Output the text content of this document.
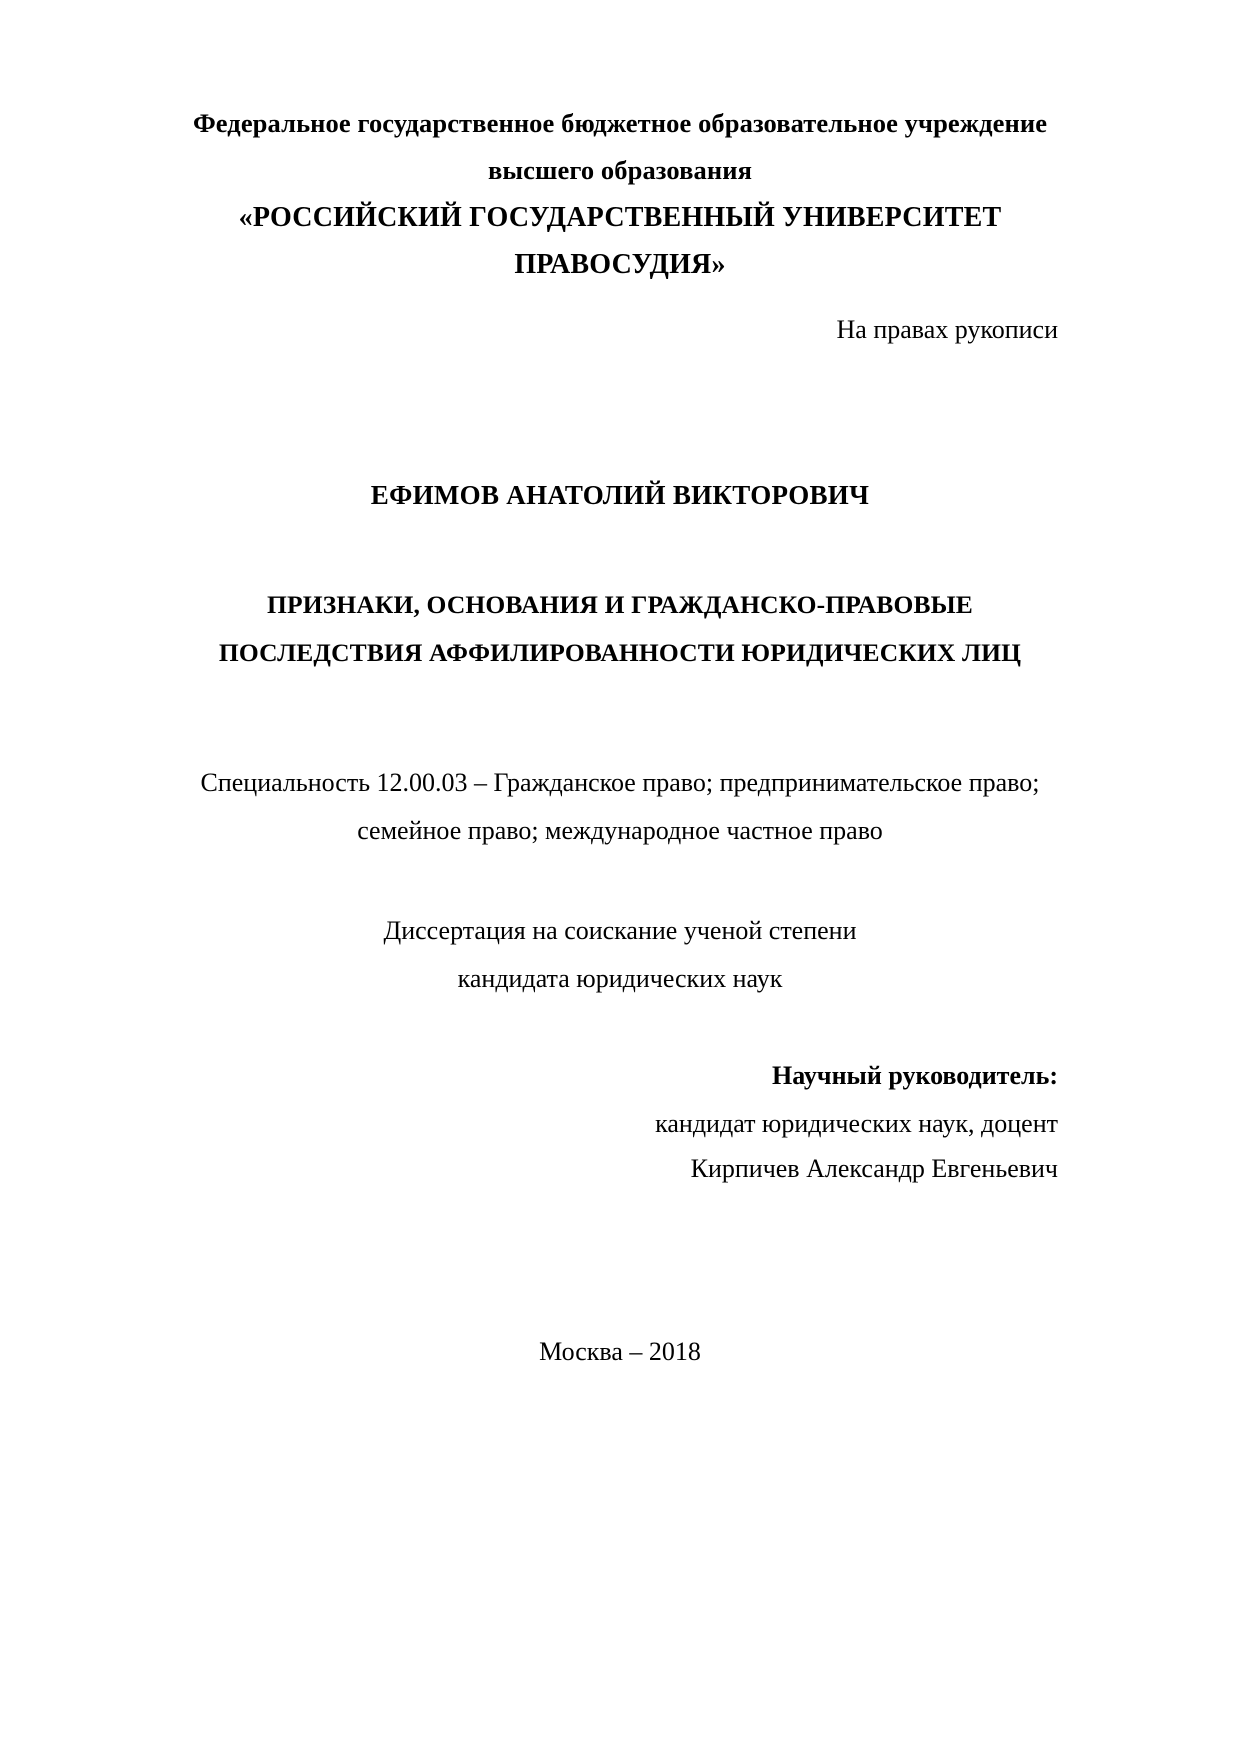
Федеральное государственное бюджетное образовательное учреждение
высшего образования
«РОССИЙСКИЙ ГОСУДАРСТВЕННЫЙ УНИВЕРСИТЕТ
ПРАВОСУДИЯ»
На правах рукописи
ЕФИМОВ АНАТОЛИЙ ВИКТОРОВИЧ
ПРИЗНАКИ, ОСНОВАНИЯ И ГРАЖДАНСКО-ПРАВОВЫЕ
ПОСЛЕДСТВИЯ АФФИЛИРОВАННОСТИ ЮРИДИЧЕСКИХ ЛИЦ
Специальность 12.00.03 – Гражданское право; предпринимательское право;
семейное право; международное частное право
Диссертация на соискание ученой степени
кандидата юридических наук
Научный руководитель:
кандидат юридических наук, доцент
Кирпичев Александр Евгеньевич
Москва – 2018
